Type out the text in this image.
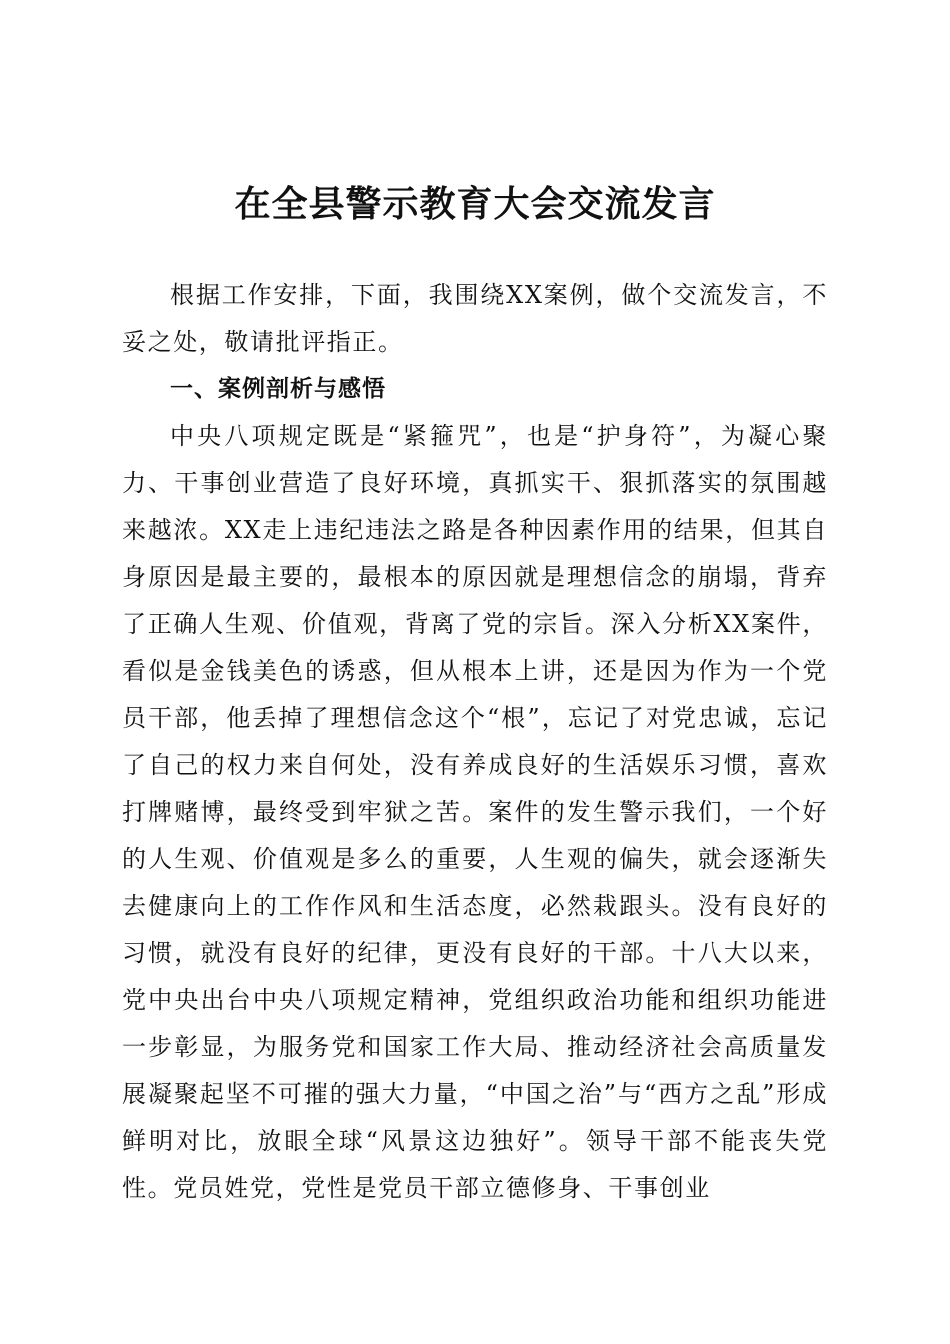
在全县警示教育大会交流发言

根据工作安排，下面，我围绕XX案例，做个交流发言，不妥之处，敬请批评指正。

一、案例剖析与感悟

中央八项规定既是“紧箍咒”，也是“护身符”，为凝心聚力、干事创业营造了良好环境，真抓实干、狠抓落实的氛围越来越浓。XX走上违纪违法之路是各种因素作用的结果，但其自身原因是最主要的，最根本的原因就是理想信念的崩塌，背弃了正确人生观、价值观，背离了党的宗旨。深入分析XX案件，看似是金钱美色的诱惑，但从根本上讲，还是因为作为一个党员干部，他丢掉了理想信念这个“根”，忘记了对党忠诚，忘记了自己的权力来自何处，没有养成良好的生活娱乐习惯，喜欢打牌赌博，最终受到牢狱之苦。案件的发生警示我们，一个好的人生观、价值观是多么的重要，人生观的偏失，就会逐渐失去健康向上的工作作风和生活态度，必然栽跟头。没有良好的习惯，就没有良好的纪律，更没有良好的干部。十八大以来，党中央出台中央八项规定精神，党组织政治功能和组织功能进一步彰显，为服务党和国家工作大局、推动经济社会高质量发展凝聚起坚不可摧的强大力量，“中国之治”与“西方之乱”形成鲜明对比，放眼全球“风景这边独好”。领导干部不能丧失党性。党员姓党，党性是党员干部立德修身、干事创业
